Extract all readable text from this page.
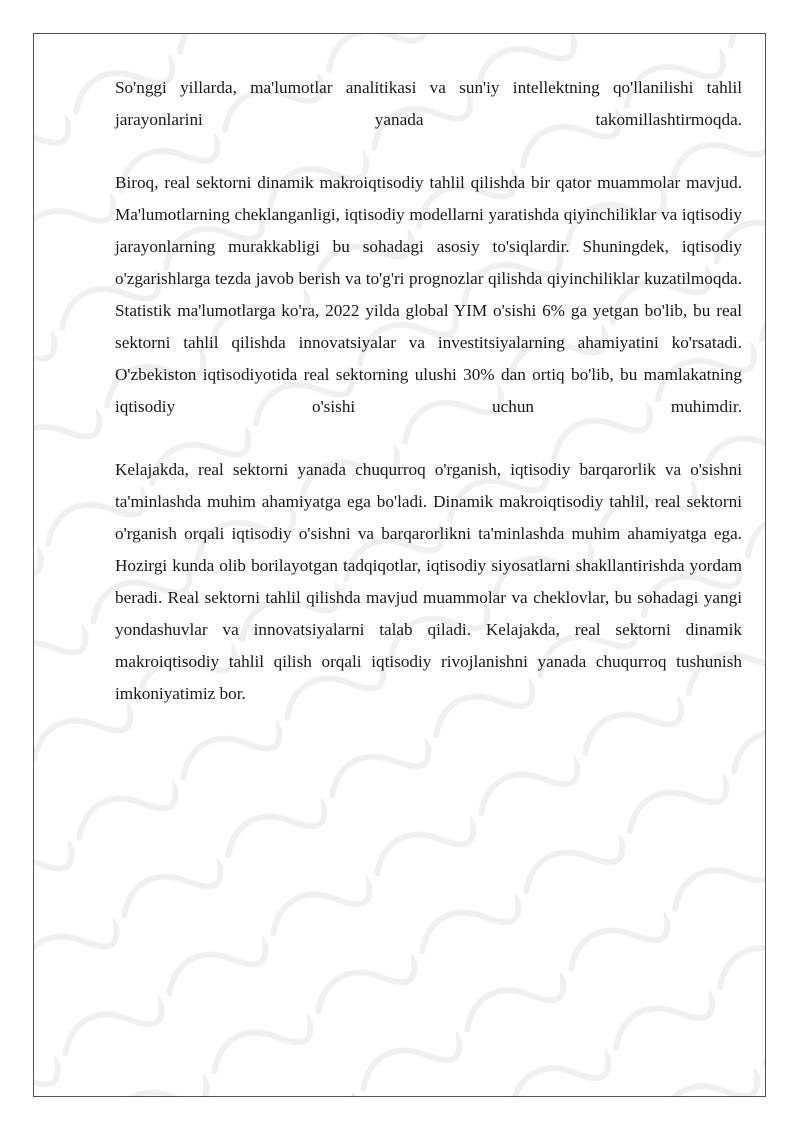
So'nggi yillarda, ma'lumotlar analitikasi va sun'iy intellektning qo'llanilishi tahlil jarayonlarini yanada takomillashtirmoqda.

Biroq, real sektorni dinamik makroiqtisodiy tahlil qilishda bir qator muammolar mavjud. Ma'lumotlarning cheklanganligi, iqtisodiy modellarni yaratishda qiyinchiliklar va iqtisodiy jarayonlarning murakkabligi bu sohadagi asosiy to'siqlardir. Shuningdek, iqtisodiy o'zgarishlarga tezda javob berish va to'g'ri prognozlar qilishda qiyinchiliklar kuzatilmoqda. Statistik ma'lumotlarga ko'ra, 2022 yilda global YIM o'sishi 6% ga yetgan bo'lib, bu real sektorni tahlil qilishda innovatsiyalar va investitsiyalarning ahamiyatini ko'rsatadi. O'zbekiston iqtisodiyotida real sektorning ulushi 30% dan ortiq bo'lib, bu mamlakatning iqtisodiy o'sishi uchun muhimdir.

Kelajakda, real sektorni yanada chuqurroq o'rganish, iqtisodiy barqarorlik va o'sishni ta'minlashda muhim ahamiyatga ega bo'ladi. Dinamik makroiqtisodiy tahlil, real sektorni o'rganish orqali iqtisodiy o'sishni va barqarorlikni ta'minlashda muhim ahamiyatga ega. Hozirgi kunda olib borilayotgan tadqiqotlar, iqtisodiy siyosatlarni shakllantirishda yordam beradi. Real sektorni tahlil qilishda mavjud muammolar va cheklovlar, bu sohadagi yangi yondashuvlar va innovatsiyalarni talab qiladi. Kelajakda, real sektorni dinamik makroiqtisodiy tahlil qilish orqali iqtisodiy rivojlanishni yanada chuqurroq tushunish imkoniyatimiz bor.
